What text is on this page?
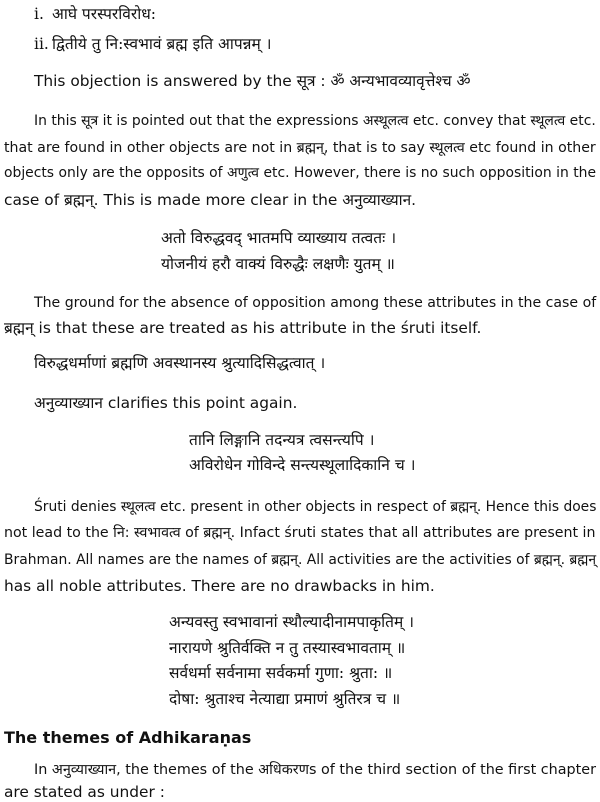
i. आघे परस्परविरोध:
ii. द्वितीये तु नि:स्वभावं ब्रह्म इति आपन्नम् ।
This objection is answered by the सूत्र : ॐ अन्यभावव्यावृत्तेश्च ॐ
In this सूत्र it is pointed out that the expressions अस्थूलत्व etc. convey that स्थूलत्व etc.
that are found in other objects are not in ब्रह्मन्, that is to say स्थूलत्व etc found in other
objects only are the opposits of अणुत्व etc. However, there is no such opposition in the
case of ब्रह्मन्. This is made more clear in the अनुव्याख्यान.
अतो विरुद्धवद् भातमपि व्याख्याय तत्वतः ।
योजनीयं हरौ वाक्यं विरुद्धैः लक्षणैः युतम् ॥
The ground for the absence of opposition among these attributes in the case of
ब्रह्मन् is that these are treated as his attribute in the śruti itself.
विरुद्धधर्माणां ब्रह्मणि अवस्थानस्य श्रुत्यादिसिद्धत्वात् ।
अनुव्याख्यान clarifies this point again.
तानि लिङ्गानि तदन्यत्र त्वसन्त्यपि ।
अविरोधेन गोविन्दे सन्त्यस्थूलादिकानि च ।
Śruti denies स्थूलत्व etc. present in other objects in respect of ब्रह्मन्. Hence this does
not lead to the नि: स्वभावत्व of ब्रह्मन्. Infact śruti states that all attributes are present in
Brahman. All names are the names of ब्रह्मन्. All activities are the activities of ब्रह्मन्. ब्रह्मन्
has all noble attributes. There are no drawbacks in him.
अन्यवस्तु स्वभावानां स्थौल्यादीनामपाकृतिम् ।
नारायणे श्रुतिर्वक्ति न तु तस्यास्वभावताम् ॥
सर्वधर्मा सर्वनामा सर्वकर्मा गुणा: श्रुता: ॥
दोषा: श्रुताश्च नेत्याद्या प्रमाणं श्रुतिरत्र च ॥
The themes of Adhikaraṇas
In अनुव्याख्यान, the themes of the अधिकरणs of the third section of the first chapter
are stated as under :
